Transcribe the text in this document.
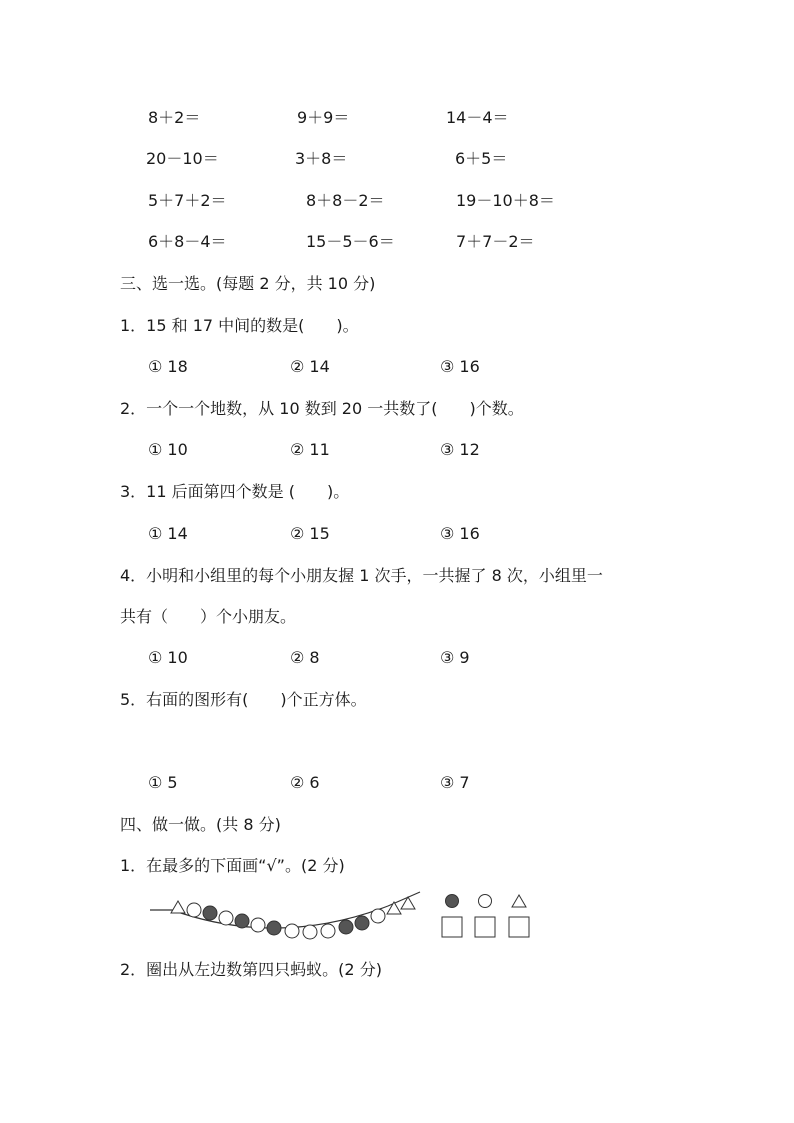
8＋2＝	9＋9＝	14－4＝
20－10＝	3＋8＝	6＋5＝
5＋7＋2＝	8＋8－2＝	19－10＋8＝
6＋8－4＝	15－5－6＝	7＋7－2＝
三、选一选。(每题 2 分，共 10 分)
1．15 和 17 中间的数是(　　)。
① 18	② 14	③ 16
2．一个一个地数，从 10 数到 20 一共数了(　　)个数。
① 10	② 11	③ 12
3．11 后面第四个数是 (　　)。
① 14	② 15	③ 16
4．小明和小组里的每个小朋友握 1 次手，一共握了 8 次，小组里一
共有（　　）个小朋友。
① 10	② 8	③ 9
5．右面的图形有(　　)个正方体。
① 5	② 6	③ 7
四、做一做。(共 8 分)
1．在最多的下面画“√”。(2 分)
2．圈出从左边数第四只蚂蚁。(2 分)
